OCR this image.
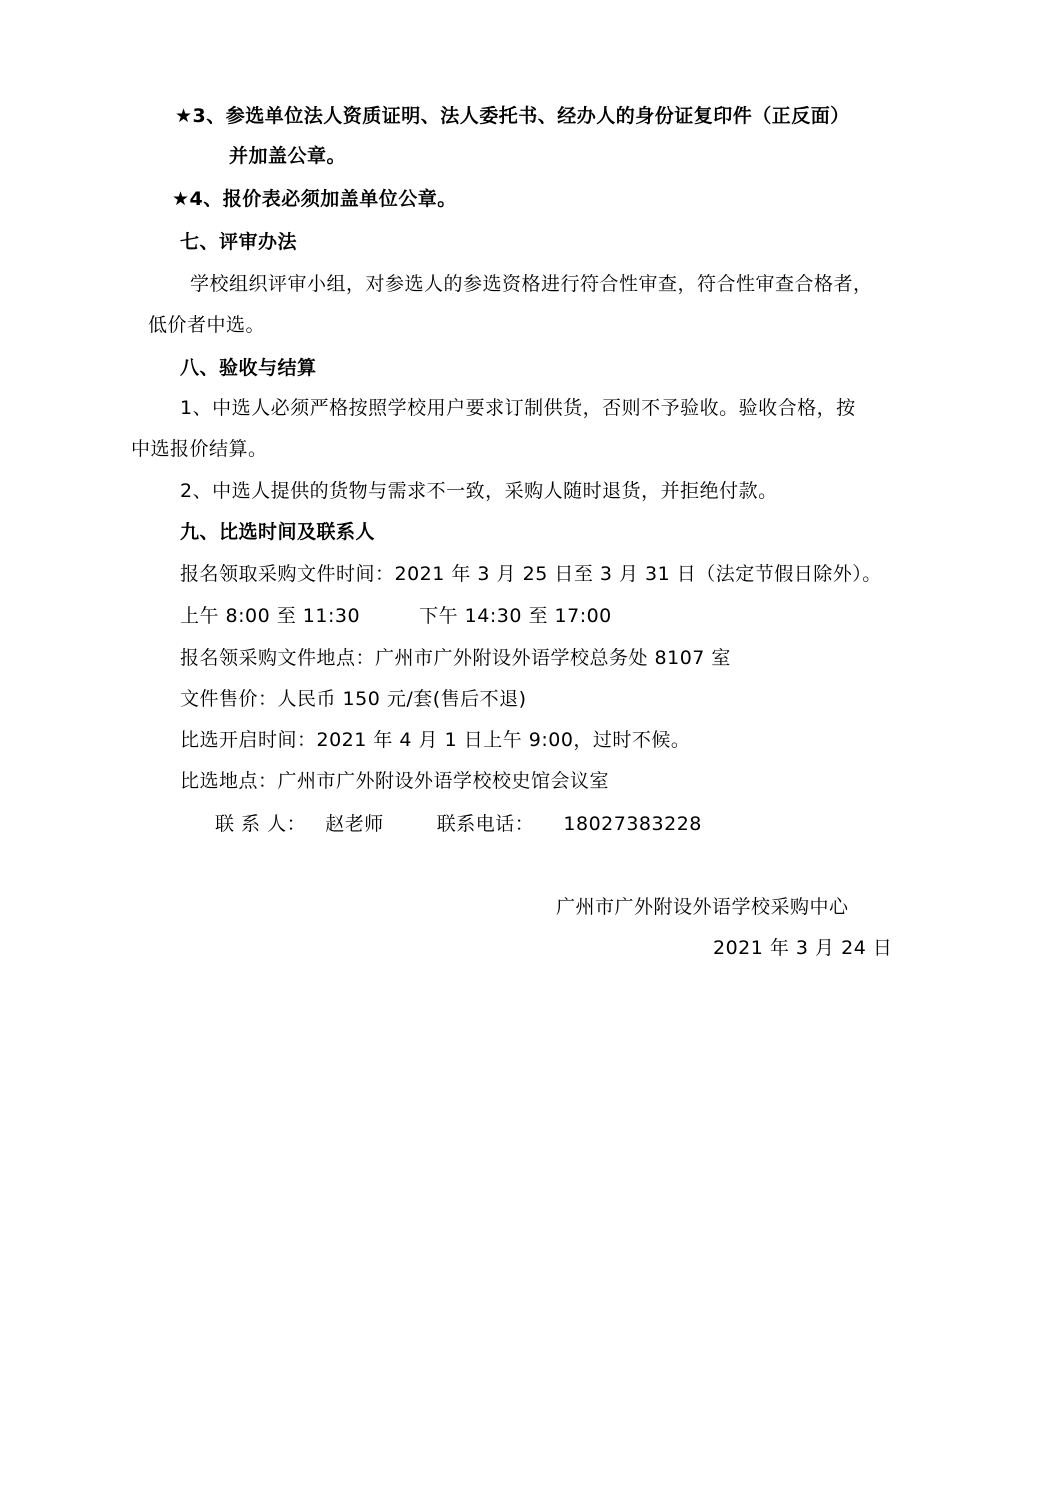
★3、参选单位法人资质证明、法人委托书、经办人的身份证复印件（正反面）
并加盖公章。
★4、报价表必须加盖单位公章。
七、评审办法
学校组织评审小组，对参选人的参选资格进行符合性审查，符合性审查合格者，
低价者中选。
八、验收与结算
1、中选人必须严格按照学校用户要求订制供货，否则不予验收。验收合格，按
中选报价结算。
2、中选人提供的货物与需求不一致，采购人随时退货，并拒绝付款。
九、比选时间及联系人
报名领取采购文件时间：2021 年 3 月 25 日至 3 月 31 日（法定节假日除外）。
上午 8:00 至 11:30	下午 14:30 至 17:00
报名领采购文件地点：广州市广外附设外语学校总务处 8107 室
文件售价：人民币 150 元/套(售后不退)
比选开启时间：2021 年 4 月 1 日上午 9:00，过时不候。
比选地点：广州市广外附设外语学校校史馆会议室
联 系 人： 赵老师	联系电话： 18027383228
广州市广外附设外语学校采购中心
2021 年 3 月 24 日
